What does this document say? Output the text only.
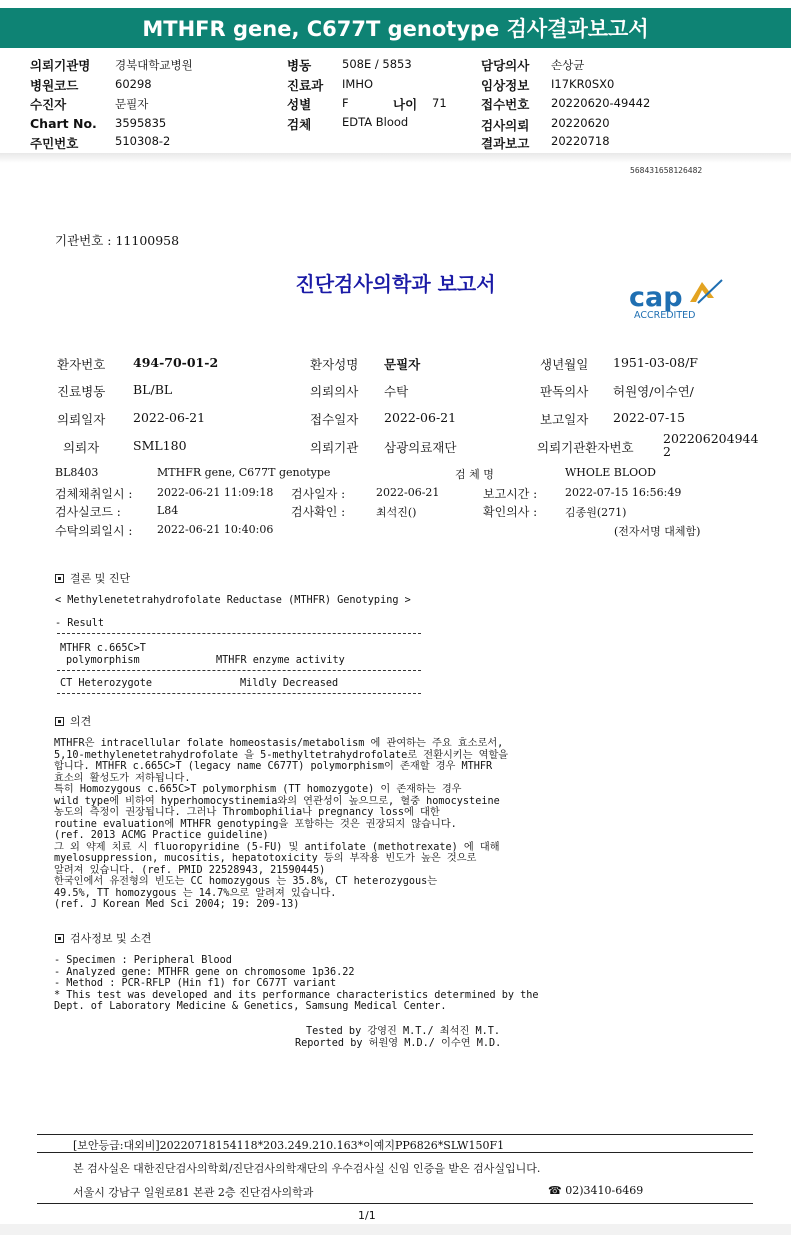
MTHFR gene, C677T genotype 검사결과보고서
의뢰기관명 경북대학교병원
병원코드	60298
수진자	문필자
Chart No. 3595835
주민번호	510308-2
병동	508E / 5853
진료과 IMHO
성별	F	나이 71
검체	EDTA Blood
담당의사 손상균
임상정보 I17KR0SX0
접수번호 20220620-49442
검사의뢰 20220620
결과보고 20220718
568431658126482
기관번호 : 11100958
진단검사의학과 보고서	cap
ACCREDITED
환자번호 494-70-01-2	환자성명 문필자	생년월일 1951-03-08/F
진료병동 BL/BL	의뢰의사 수탁	판독의사 허원영/이수연/
의뢰일자 2022-06-21	접수일자 2022-06-21	보고일자 2022-07-15
의뢰자	SML180	의뢰기관 삼광의료재단	의뢰기관환자번호
202206204944
2
BL8403	MTHFR gene, C677T genotype	검 체 명	WHOLE BLOOD
검체채취일시 : 2022-06-21 11:09:18 검사일자 :	2022-06-21	보고시간 :	2022-07-15 16:56:49
검사실코드 :	L84	검사확인 :	최석진()	확인의사 :	김종원(271)
수탁의뢰일시 : 2022-06-21 10:40:06	(전자서명 대체함)
결론 및 진단
< Methylenetetrahydrofolate Reductase (MTHFR) Genotyping >
- Result
MTHFR c.665C>T
polymorphism	MTHFR enzyme activity
CT Heterozygote	Mildly Decreased
의견
MTHFR은 intracellular folate homeostasis/metabolism 에 관여하는 주요 효소로서,
5,10-methylenetetrahydrofolate 을 5-methyltetrahydrofolate로 전환시키는 역할을
합니다. MTHFR c.665C>T (legacy name C677T) polymorphism이 존재할 경우 MTHFR
효소의 활성도가 저하됩니다.
특히 Homozygous c.665C>T polymorphism (TT homozygote) 이 존재하는 경우
wild type에 비하여 hyperhomocystinemia와의 연관성이 높으므로, 혈중 homocysteine
농도의 측정이 권장됩니다. 그러나 Thrombophilia나 pregnancy loss에 대한
routine evaluation에 MTHFR genotyping을 포함하는 것은 권장되지 않습니다.
(ref. 2013 ACMG Practice guideline)
그 외 약제 치료 시 fluoropyridine (5-FU) 및 antifolate (methotrexate) 에 대해
myelosuppression, mucositis, hepatotoxicity 등의 부작용 빈도가 높은 것으로
알려져 있습니다. (ref. PMID 22528943, 21590445)
한국인에서 유전형의 빈도는 CC homozygous 는 35.8%, CT heterozygous는
49.5%, TT homozygous 는 14.7%으로 알려져 있습니다.
(ref. J Korean Med Sci 2004; 19: 209-13)
검사정보 및 소견
- Specimen : Peripheral Blood
- Analyzed gene: MTHFR gene on chromosome 1p36.22
- Method : PCR-RFLP (Hin f1) for C677T variant
* This test was developed and its performance characteristics determined by the
Dept. of Laboratory Medicine & Genetics, Samsung Medical Center.
Tested by 강영진 M.T./ 최석진 M.T.
Reported by 허원영 M.D./ 이수연 M.D.
[보안등급:대외비]20220718154118*203.249.210.163*이예지PP6826*SLW150F1
본 검사실은 대한진단검사의학회/진단검사의학재단의 우수검사실 신임 인증을 받은 검사실입니다.
서울시 강남구 일원로81 본관 2층 진단검사의학과	☎ 02)3410-6469
1/1
